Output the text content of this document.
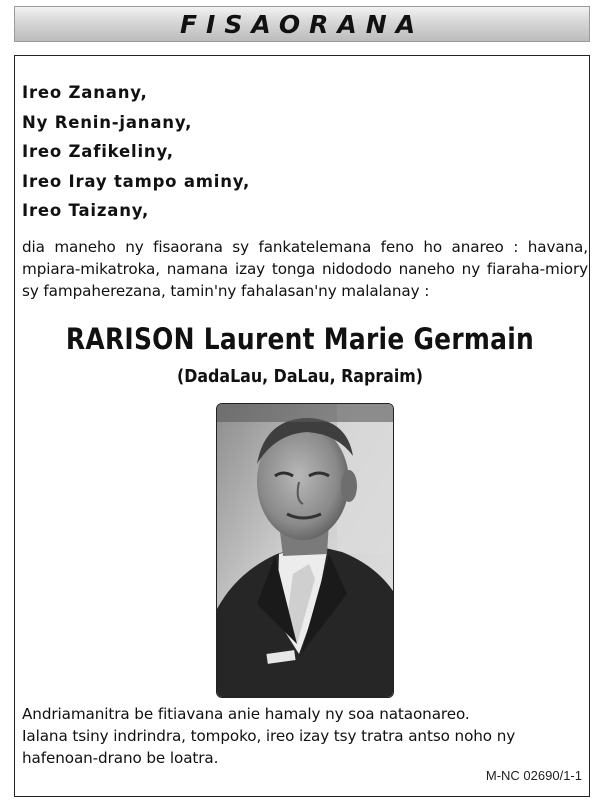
FISAORANA
Ireo Zanany,
Ny Renin-janany,
Ireo Zafikeliny,
Ireo Iray tampo aminy,
Ireo Taizany,

dia maneho ny fisaorana sy fankatelemana feno ho anareo : havana, mpiara-mikatroka, namana izay tonga nidododo naneho ny fiaraha-miory sy fampaherezana, tamin'ny fahalasan'ny malalanay :

RARISON Laurent Marie Germain
(DadaLau, DaLau, Rapraim)

Andriamanitra be fitiavana anie hamaly ny soa nataonareo.
Ialana tsiny indrindra, tompoko, ireo izay tsy tratra antso noho ny hafenoan-drano be loatra.

M-NC 02690/1-1
